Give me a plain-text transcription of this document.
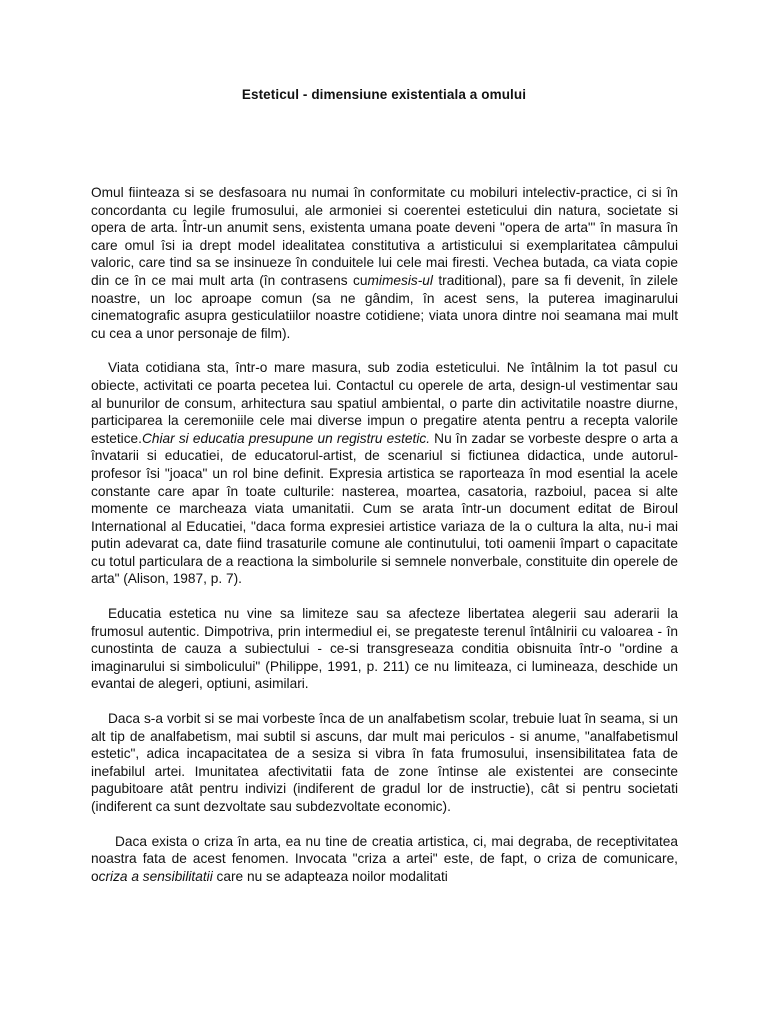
Esteticul - dimensiune existentiala a omului

Omul fiinteaza si se desfasoara nu numai în conformitate cu mobiluri intelectiv-practice, ci si în concordanta cu legile frumosului, ale armoniei si coerentei esteticului din natura, societate si opera de arta. Într-un anumit sens, existenta umana poate deveni "opera de arta"' în masura în care omul îsi ia drept model idealitatea constitutiva a artisticului si exemplaritatea câmpului valoric, care tind sa se insinueze în conduitele lui cele mai firesti. Vechea butada, ca viata copie din ce în ce mai mult arta (în contrasens cumimesis-ul traditional), pare sa fi devenit, în zilele noastre, un loc aproape comun (sa ne gândim, în acest sens, la puterea imaginarului cinematografic asupra gesticulatiilor noastre cotidiene; viata unora dintre noi seamana mai mult cu cea a unor personaje de film).

Viata cotidiana sta, într-o mare masura, sub zodia esteticului. Ne întâlnim la tot pasul cu obiecte, activitati ce poarta pecetea lui. Contactul cu operele de arta, design-ul vestimentar sau al bunurilor de consum, arhitectura sau spatiul ambiental, o parte din activitatile noastre diurne, participarea la ceremoniile cele mai diverse impun o pregatire atenta pentru a recepta valorile estetice.Chiar si educatia presupune un registru estetic. Nu în zadar se vorbeste despre o arta a învatarii si educatiei, de educatorul-artist, de scenariul si fictiunea didactica, unde autorul-profesor îsi "joaca" un rol bine definit. Expresia artistica se raporteaza în mod esential la acele constante care apar în toate culturile: nasterea, moartea, casatoria, razboiul, pacea si alte momente ce marcheaza viata umanitatii. Cum se arata într-un document editat de Biroul International al Educatiei, "daca forma expresiei artistice variaza de la o cultura la alta, nu-i mai putin adevarat ca, date fiind trasaturile comune ale continutului, toti oamenii împart o capacitate cu totul particulara de a reactiona la simbolurile si semnele nonverbale, constituite din operele de arta" (Alison, 1987, p. 7).

Educatia estetica nu vine sa limiteze sau sa afecteze libertatea alegerii sau aderarii la frumosul autentic. Dimpotriva, prin intermediul ei, se pregateste terenul întâlnirii cu valoarea - în cunostinta de cauza a subiectului - ce-si transgreseaza conditia obisnuita într-o "ordine a imaginarului si simbolicului" (Philippe, 1991, p. 211) ce nu limiteaza, ci lumineaza, deschide un evantai de alegeri, optiuni, asimilari.

Daca s-a vorbit si se mai vorbeste înca de un analfabetism scolar, trebuie luat în seama, si un alt tip de analfabetism, mai subtil si ascuns, dar mult mai periculos - si anume, "analfabetismul estetic", adica incapacitatea de a sesiza si vibra în fata frumosului, insensibilitatea fata de inefabilul artei. Imunitatea afectivitatii fata de zone întinse ale existentei are consecinte pagubitoare atât pentru indivizi (indiferent de gradul lor de instructie), cât si pentru societati (indiferent ca sunt dezvoltate sau subdezvoltate economic).

Daca exista o criza în arta, ea nu tine de creatia artistica, ci, mai degraba, de receptivitatea noastra fata de acest fenomen. Invocata "criza a artei" este, de fapt, o criza de comunicare, ocriza a sensibilitatii care nu se adapteaza noilor modalitati
